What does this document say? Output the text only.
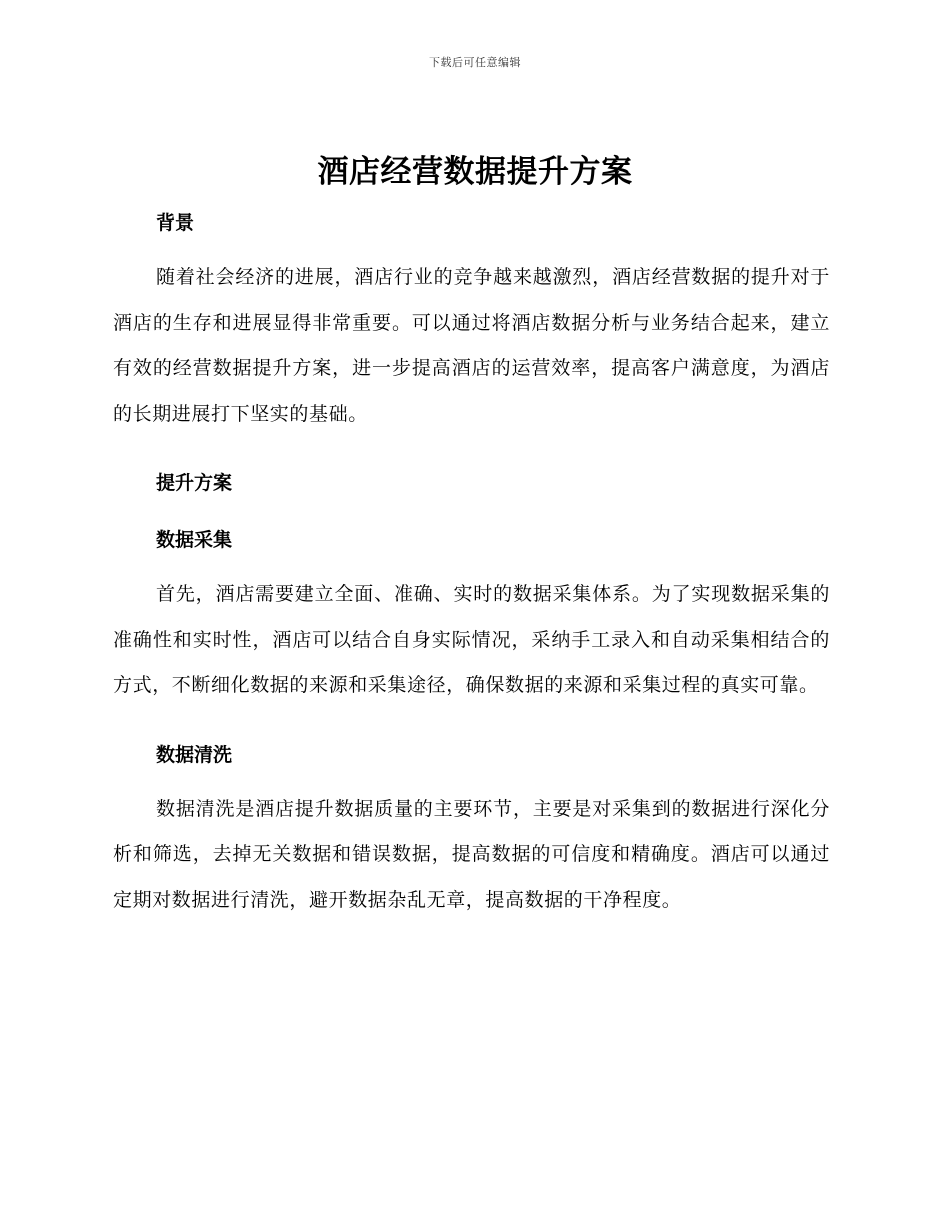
下载后可任意编辑
酒店经营数据提升方案
背景

随着社会经济的进展，酒店行业的竞争越来越激烈，酒店经营数据的提升对于酒店的生存和进展显得非常重要。可以通过将酒店数据分析与业务结合起来，建立有效的经营数据提升方案，进一步提高酒店的运营效率，提高客户满意度，为酒店的长期进展打下坚实的基础。

提升方案
数据采集

首先，酒店需要建立全面、准确、实时的数据采集体系。为了实现数据采集的准确性和实时性，酒店可以结合自身实际情况，采纳手工录入和自动采集相结合的方式，不断细化数据的来源和采集途径，确保数据的来源和采集过程的真实可靠。

数据清洗

数据清洗是酒店提升数据质量的主要环节，主要是对采集到的数据进行深化分析和筛选，去掉无关数据和错误数据，提高数据的可信度和精确度。酒店可以通过定期对数据进行清洗，避开数据杂乱无章，提高数据的干净程度。
